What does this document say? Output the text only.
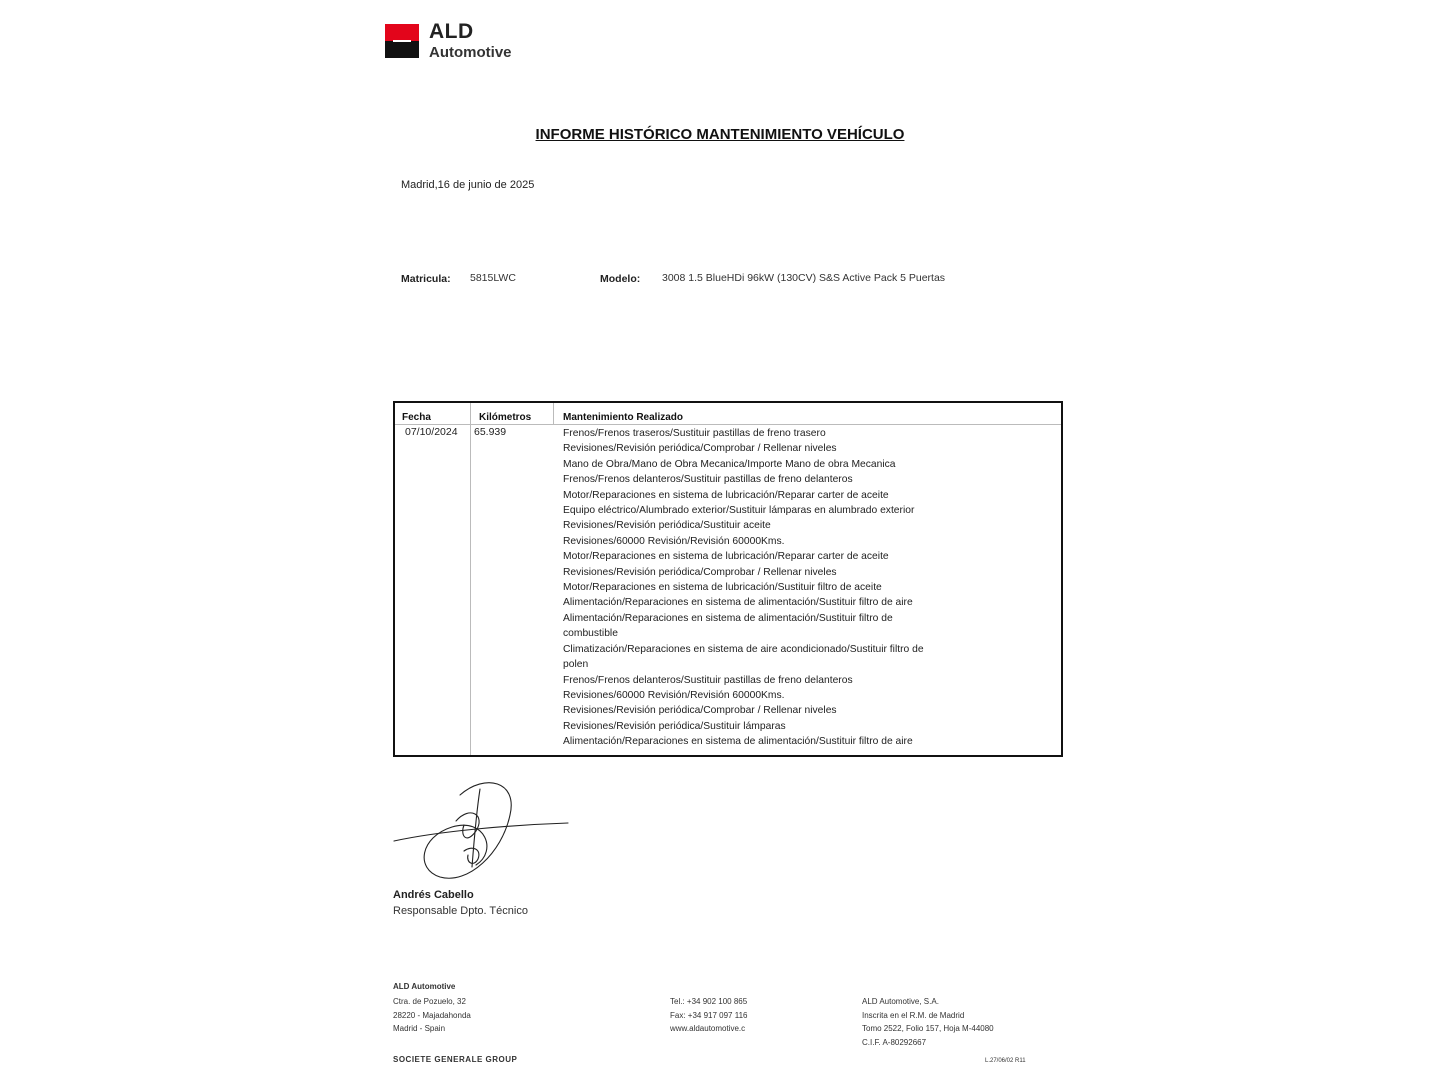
ALD
Automotive
INFORME HISTÓRICO MANTENIMIENTO VEHÍCULO
Madrid,16 de junio de 2025
Matricula: 5815LWC	Modelo: 3008 1.5 BlueHDi 96kW (130CV) S&S Active Pack 5 Puertas
Fecha	Kilómetros	Mantenimiento Realizado
07/10/2024 65.939	Frenos/Frenos traseros/Sustituir pastillas de freno trasero
Revisiones/Revisión periódica/Comprobar / Rellenar niveles
Mano de Obra/Mano de Obra Mecanica/Importe Mano de obra Mecanica
Frenos/Frenos delanteros/Sustituir pastillas de freno delanteros
Motor/Reparaciones en sistema de lubricación/Reparar carter de aceite
Equipo eléctrico/Alumbrado exterior/Sustituir lámparas en alumbrado exterior
Revisiones/Revisión periódica/Sustituir aceite
Revisiones/60000 Revisión/Revisión 60000Kms.
Motor/Reparaciones en sistema de lubricación/Reparar carter de aceite
Revisiones/Revisión periódica/Comprobar / Rellenar niveles
Motor/Reparaciones en sistema de lubricación/Sustituir filtro de aceite
Alimentación/Reparaciones en sistema de alimentación/Sustituir filtro de aire
Alimentación/Reparaciones en sistema de alimentación/Sustituir filtro de
combustible
Climatización/Reparaciones en sistema de aire acondicionado/Sustituir filtro de
polen
Frenos/Frenos delanteros/Sustituir pastillas de freno delanteros
Revisiones/60000 Revisión/Revisión 60000Kms.
Revisiones/Revisión periódica/Comprobar / Rellenar niveles
Revisiones/Revisión periódica/Sustituir lámparas
Alimentación/Reparaciones en sistema de alimentación/Sustituir filtro de aire
Andrés Cabello
Responsable Dpto. Técnico
ALD Automotive
Ctra. de Pozuelo, 32
28220 - Majadahonda
Madrid - Spain
Tel.: +34 902 100 865
Fax: +34 917 097 116
www.aldautomotive.c
ALD Automotive, S.A.
Inscrita en el R.M. de Madrid
Tomo 2522, Folio 157, Hoja M-44080
C.I.F. A-80292667
SOCIETE GENERALE GROUP	L.27/06/02 R11
